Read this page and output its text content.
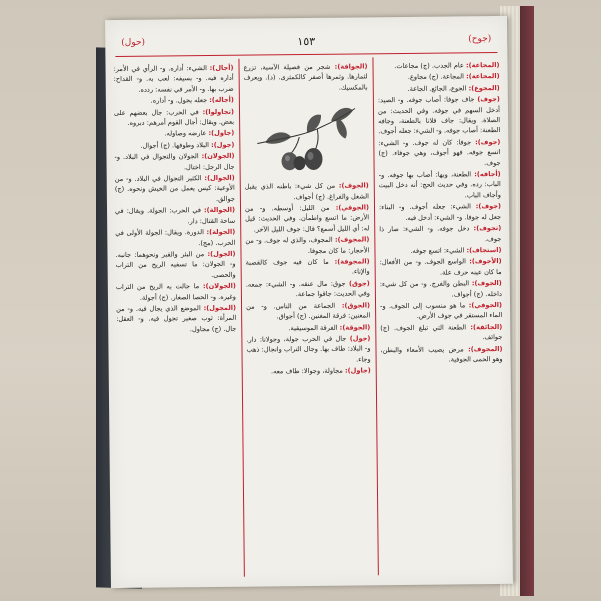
(جوح)
١٥٣
(حول)

(المجاعة): عام الجدب. (ج) مجاعات.

(المجاعة): المجاعة. (ج) مجاوع.

(المجوع): الجوع، الجائع. الجاعة.

(جوف) جاف جوفا: أصاب جوفه. و- الصيد: أدخل السهم في جوفه. وفي الحديث: من الصلاة. ويقال: جاف فلانا بالطعنة، وجافه الطعنة: أصاب جوفه. و- الشيء: جعله أجوف.

(جوف): جوفا: كان له جوف. و- الشيء: اتسع جوفه. فهو أجوف، وهي جوفاء. (ج) جوف.

(أجافه): الطعنة، وبها: أصاب بها جوفه. و- الباب: رده. وفي حديث الحج: أنه دخل البيت وأجاف الباب.

(جوف): الشيء: جعله أجوف. و- البناء: جعل له جوفا. و- الشيء: أدخل فيه.

(تجوف): دخل جوفه. و- الشيء: صار ذا جوف.

(استجاف): الشيء: اتسع جوفه.

(الأجوف): الواسع الجوف. و- من الأفعال: ما كان عينه حرف علة.

(الجوف): البطن والفرج. و- من كل شيء: داخله. (ج) أجواف.

(الجوفي): ما هو منسوب إلى الجوف. و- الماء المستقر في جوف الأرض.

(الجائفة): الطعنة التي تبلغ الجوف. (ج) جوائف.

(المجوف): مرض يصيب الأمعاء والبطن، وهو الحمى الجوفية.

(الجوافة): شجر من فصيلة الآسية، تزرع لثمارها. وثمرها أصفر كالكمثرى. (د). ويعرف بالمكسيك.

(الجوف): من كل شيء: باطنه الذي يقبل الشغل والفراغ. (ج) أجواف.

(الجوفي): من الليل: أوسطه. و- من الأرض: ما اتسع واطمأن. وفي الحديث: قيل له: أي الليل أسمع؟ قال: جوف الليل الآخر.

(المجوف): المجوف، والذي له جوف. و- من الأحجار: ما كان مجوفا.

(المجوفة): ما كان فيه جوف كالقصبة والإناء.

(جوق) جوق: مال عنقه. و- الشيء: جمعه. وفي الحديث: جاقوا جماعة.

(الجوق): الجماعة من الناس. و- من المغنين: فرقة المغنين. (ج) أجواق.

(الجوقة): الفرقة الموسيقية.

(جول) جال في الحرب جولة، وجولانا: دار. و- البلاد: طاف بها. وجال التراب وانجال: ذهب وجاء.

(جاول): مجاولة، وجوالا: طاف معه.

(أجال): الشيء: أداره. و- الرأي في الأمر: أداره فيه. و- بسيفه: لعب به. و- القداح: ضرب بها. و- الأمر في نفسه: ردده.

(أجاله): جعله يجول. و- أداره.

(تجاولوا): في الحرب: جال بعضهم على بعض. ويقال: أجال القوم أمرهم: دبروه.

(جاول): عارضه وصاوله.

(جول): البلاد وطوفها. (ج) أجوال.

(الجولان): الجولان والتجوال في البلاد. و- جال الرجل: اختال.

(الجوال): الكثير التجوال في البلاد. و- من الأوعية: كيس يعمل من الخيش ونحوه. (ج) جوالق.

(الجوالة): في الحرب: الجولة. ويقال: في ساحة القتال: دار.

(الجولة): الدورة. ويقال: الجولة الأولى في الحرب. (مج).

(الجول): من البئر والقبر ونحوهما: جانبه. و- الجولان: ما تسفيه الريح من التراب والحصى.

(الجولان): ما جالت به الريح من التراب وغيره. و- الحصا الصغار. (ج) أجولة.

(المجول): الموضع الذي يجال فيه. و- من المرأة: ثوب صغير تجول فيه. و- العقل: جال. (ج) مجاول.
